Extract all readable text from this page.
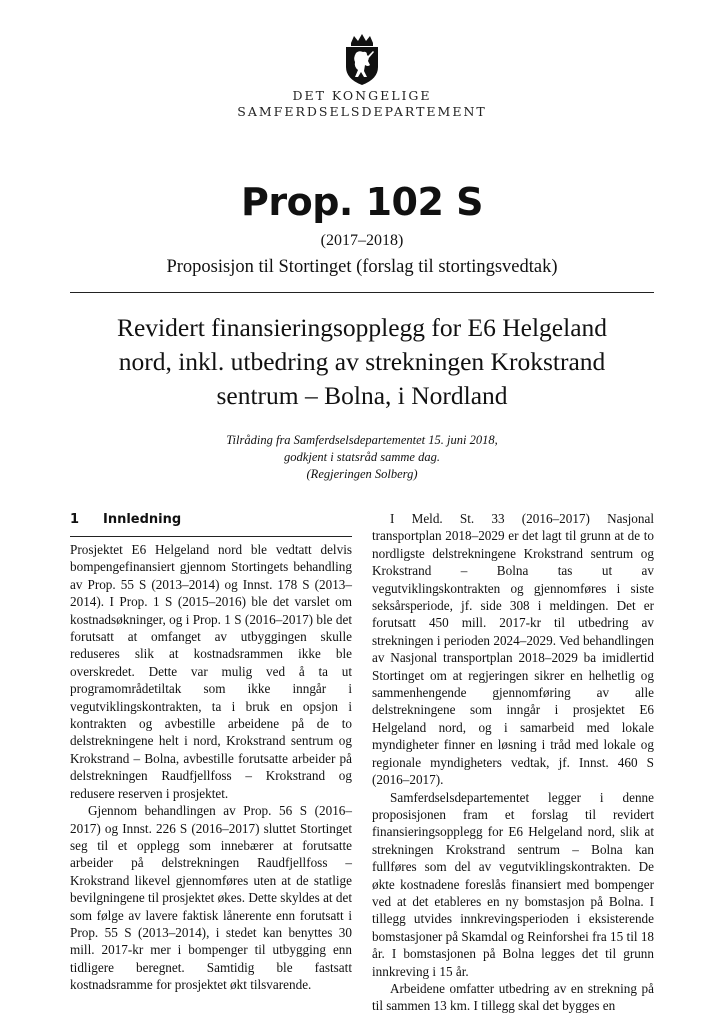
DET KONGELIGE
SAMFERDSELSDEPARTEMENT
Prop. 102 S
(2017–2018)
Proposisjon til Stortinget (forslag til stortingsvedtak)
Revidert finansieringsopplegg for E6 Helgeland
nord, inkl. utbedring av strekningen Krokstrand
sentrum – Bolna, i Nordland
Tilråding fra Samferdselsdepartementet 15. juni 2018,
godkjent i statsråd samme dag.
(Regjeringen Solberg)
1 Innledning

Prosjektet E6 Helgeland nord ble vedtatt delvis bompengefinansiert gjennom Stortingets behandling av Prop. 55 S (2013–2014) og Innst. 178 S (2013–2014). I Prop. 1 S (2015–2016) ble det varslet om kostnadsøkninger, og i Prop. 1 S (2016–2017) ble det forutsatt at omfanget av utbyggingen skulle reduseres slik at kostnadsrammen ikke ble overskredet. Dette var mulig ved å ta ut programområdetiltak som ikke inngår i vegutviklingskontrakten, ta i bruk en opsjon i kontrakten og avbestille arbeidene på de to delstrekningene helt i nord, Krokstrand sentrum og Krokstrand – Bolna, avbestille forutsatte arbeider på delstrekningen Raudfjellfoss – Krokstrand og redusere reserven i prosjektet.

Gjennom behandlingen av Prop. 56 S (2016–2017) og Innst. 226 S (2016–2017) sluttet Stortinget seg til et opplegg som innebærer at forutsatte arbeider på delstrekningen Raudfjellfoss – Krokstrand likevel gjennomføres uten at de statlige bevilgningene til prosjektet økes. Dette skyldes at det som følge av lavere faktisk lånerente enn forutsatt i Prop. 55 S (2013–2014), i stedet kan benyttes 30 mill. 2017-kr mer i bompenger til utbygging enn tidligere beregnet. Samtidig ble fastsatt kostnadsramme for prosjektet økt tilsvarende.

I Meld. St. 33 (2016–2017) Nasjonal transportplan 2018–2029 er det lagt til grunn at de to nordligste delstrekningene Krokstrand sentrum og Krokstrand – Bolna tas ut av vegutviklingskontrakten og gjennomføres i siste seksårsperiode, jf. side 308 i meldingen. Det er forutsatt 450 mill. 2017-kr til utbedring av strekningen i perioden 2024–2029. Ved behandlingen av Nasjonal transportplan 2018–2029 ba imidlertid Stortinget om at regjeringen sikrer en helhetlig og sammenhengende gjennomføring av alle delstrekningene som inngår i prosjektet E6 Helgeland nord, og i samarbeid med lokale myndigheter finner en løsning i tråd med lokale og regionale myndigheters vedtak, jf. Innst. 460 S (2016–2017).

Samferdselsdepartementet legger i denne proposisjonen fram et forslag til revidert finansieringsopplegg for E6 Helgeland nord, slik at strekningen Krokstrand sentrum – Bolna kan fullføres som del av vegutviklingskontrakten. De økte kostnadene foreslås finansiert med bompenger ved at det etableres en ny bomstasjon på Bolna. I tillegg utvides innkrevingsperioden i eksisterende bomstasjoner på Skamdal og Reinforshei fra 15 til 18 år. I bomstasjonen på Bolna legges det til grunn innkreving i 15 år.

Arbeidene omfatter utbedring av en strekning på til sammen 13 km. I tillegg skal det bygges en
